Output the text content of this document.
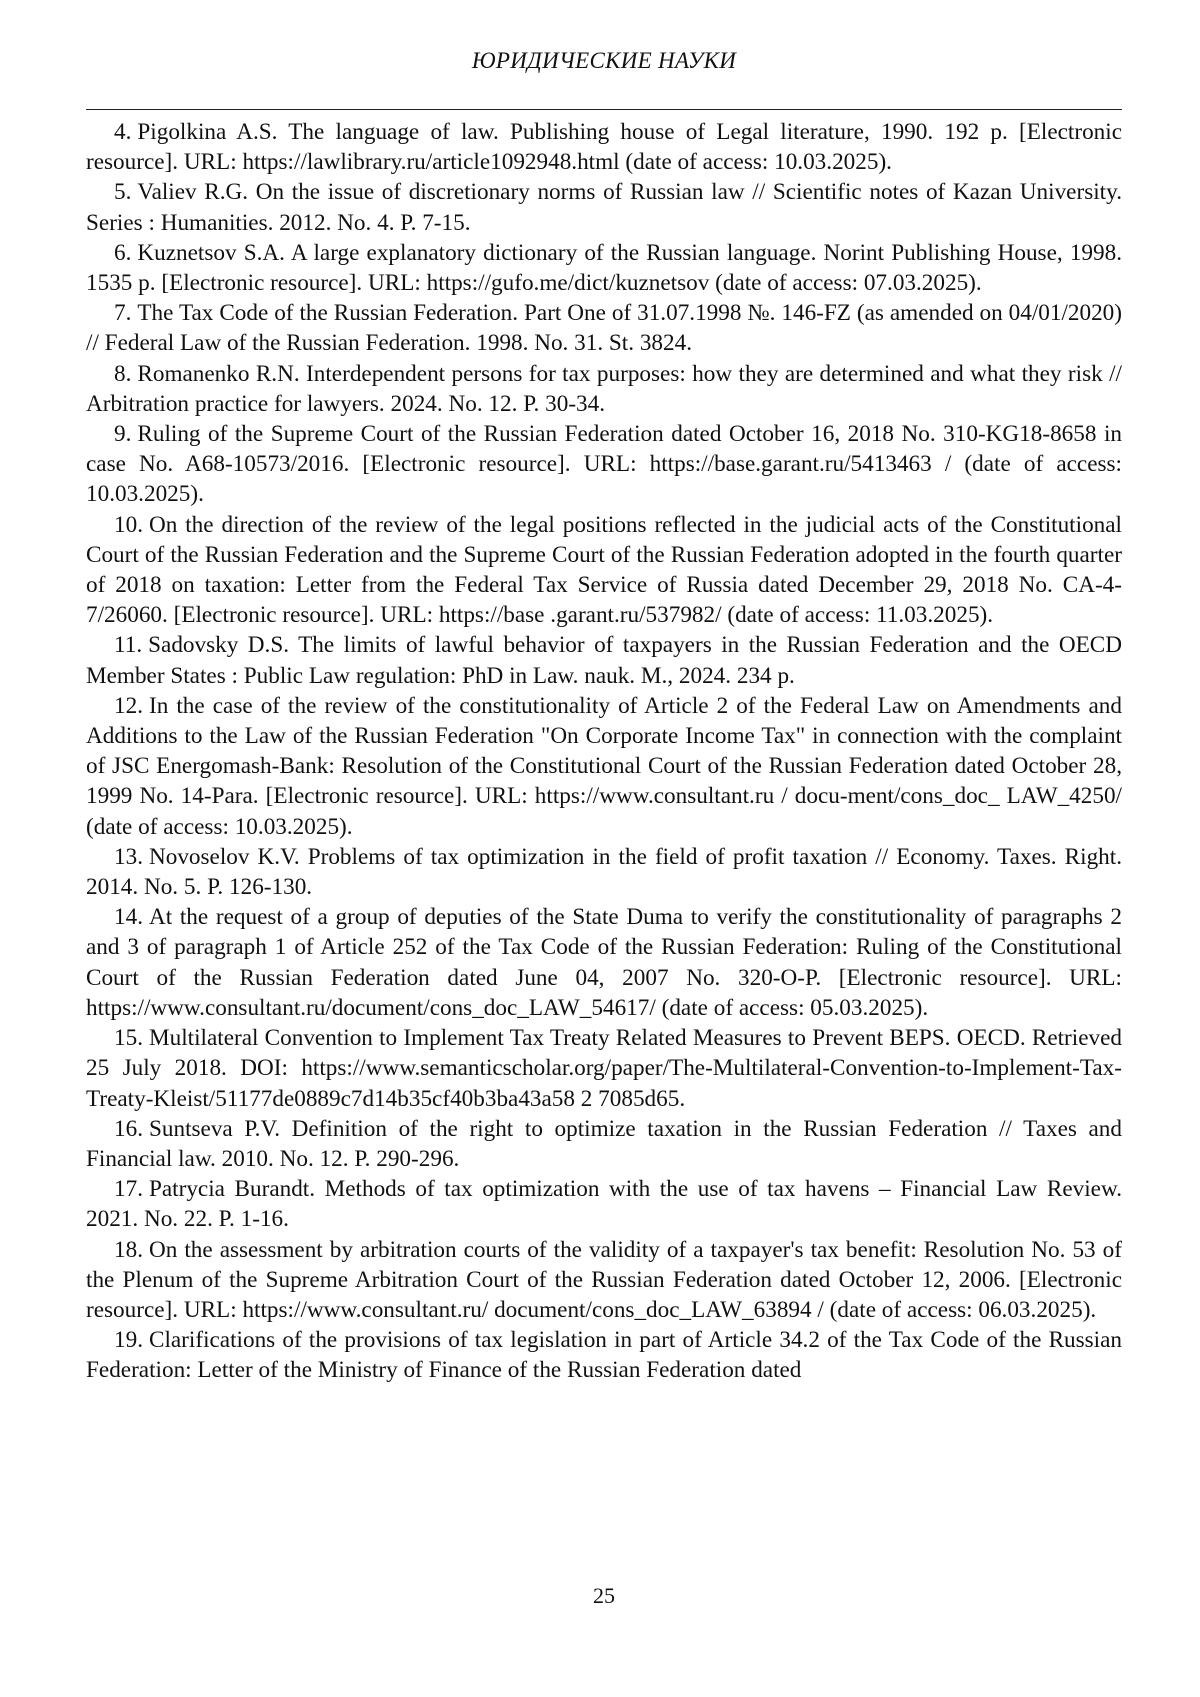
ЮРИДИЧЕСКИЕ НАУКИ
4. Pigolkina A.S. The language of law. Publishing house of Legal literature, 1990. 192 p. [Electronic resource]. URL: https://lawlibrary.ru/article1092948.html (date of access: 10.03.2025).
5. Valiev R.G. On the issue of discretionary norms of Russian law // Scientific notes of Kazan University. Series : Humanities. 2012. No. 4. P. 7-15.
6. Kuznetsov S.A. A large explanatory dictionary of the Russian language. Norint Publishing House, 1998. 1535 p. [Electronic resource]. URL: https://gufo.me/dict/kuznetsov (date of access: 07.03.2025).
7. The Tax Code of the Russian Federation. Part One of 31.07.1998 №. 146-FZ (as amended on 04/01/2020) // Federal Law of the Russian Federation. 1998. No. 31. St. 3824.
8. Romanenko R.N. Interdependent persons for tax purposes: how they are determined and what they risk // Arbitration practice for lawyers. 2024. No. 12. P. 30-34.
9. Ruling of the Supreme Court of the Russian Federation dated October 16, 2018 No. 310-KG18-8658 in case No. A68-10573/2016. [Electronic resource]. URL: https://base.garant.ru/5413463 / (date of access: 10.03.2025).
10. On the direction of the review of the legal positions reflected in the judicial acts of the Constitutional Court of the Russian Federation and the Supreme Court of the Russian Federation adopted in the fourth quarter of 2018 on taxation: Letter from the Federal Tax Service of Russia dated December 29, 2018 No. CA-4-7/26060. [Electronic resource]. URL: https://base .garant.ru/537982/ (date of access: 11.03.2025).
11. Sadovsky D.S. The limits of lawful behavior of taxpayers in the Russian Federation and the OECD Member States : Public Law regulation: PhD in Law. nauk. M., 2024. 234 p.
12. In the case of the review of the constitutionality of Article 2 of the Federal Law on Amendments and Additions to the Law of the Russian Federation "On Corporate Income Tax" in connection with the complaint of JSC Energomash-Bank: Resolution of the Constitutional Court of the Russian Federation dated October 28, 1999 No. 14-Para. [Electronic resource]. URL: https://www.consultant.ru / docu-ment/cons_doc_ LAW_4250/ (date of access: 10.03.2025).
13. Novoselov K.V. Problems of tax optimization in the field of profit taxation // Economy. Taxes. Right. 2014. No. 5. P. 126-130.
14. At the request of a group of deputies of the State Duma to verify the constitutionality of paragraphs 2 and 3 of paragraph 1 of Article 252 of the Tax Code of the Russian Federation: Ruling of the Constitutional Court of the Russian Federation dated June 04, 2007 No. 320-O-P. [Electronic resource]. URL: https://www.consultant.ru/document/cons_doc_LAW_54617/ (date of access: 05.03.2025).
15. Multilateral Convention to Implement Tax Treaty Related Measures to Prevent BEPS. OECD. Retrieved 25 July 2018. DOI: https://www.semanticscholar.org/paper/The-Multilateral-Convention-to-Implement-Tax-Treaty-Kleist/51177de0889c7d14b35cf40b3ba43a58 2 7085d65.
16. Suntseva P.V. Definition of the right to optimize taxation in the Russian Federation // Taxes and Financial law. 2010. No. 12. P. 290-296.
17. Patrycia Burandt. Methods of tax optimization with the use of tax havens – Financial Law Review. 2021. No. 22. P. 1-16.
18. On the assessment by arbitration courts of the validity of a taxpayer's tax benefit: Resolution No. 53 of the Plenum of the Supreme Arbitration Court of the Russian Federation dated October 12, 2006. [Electronic resource]. URL: https://www.consultant.ru/ document/cons_doc_LAW_63894 / (date of access: 06.03.2025).
19. Clarifications of the provisions of tax legislation in part of Article 34.2 of the Tax Code of the Russian Federation: Letter of the Ministry of Finance of the Russian Federation dated
25
